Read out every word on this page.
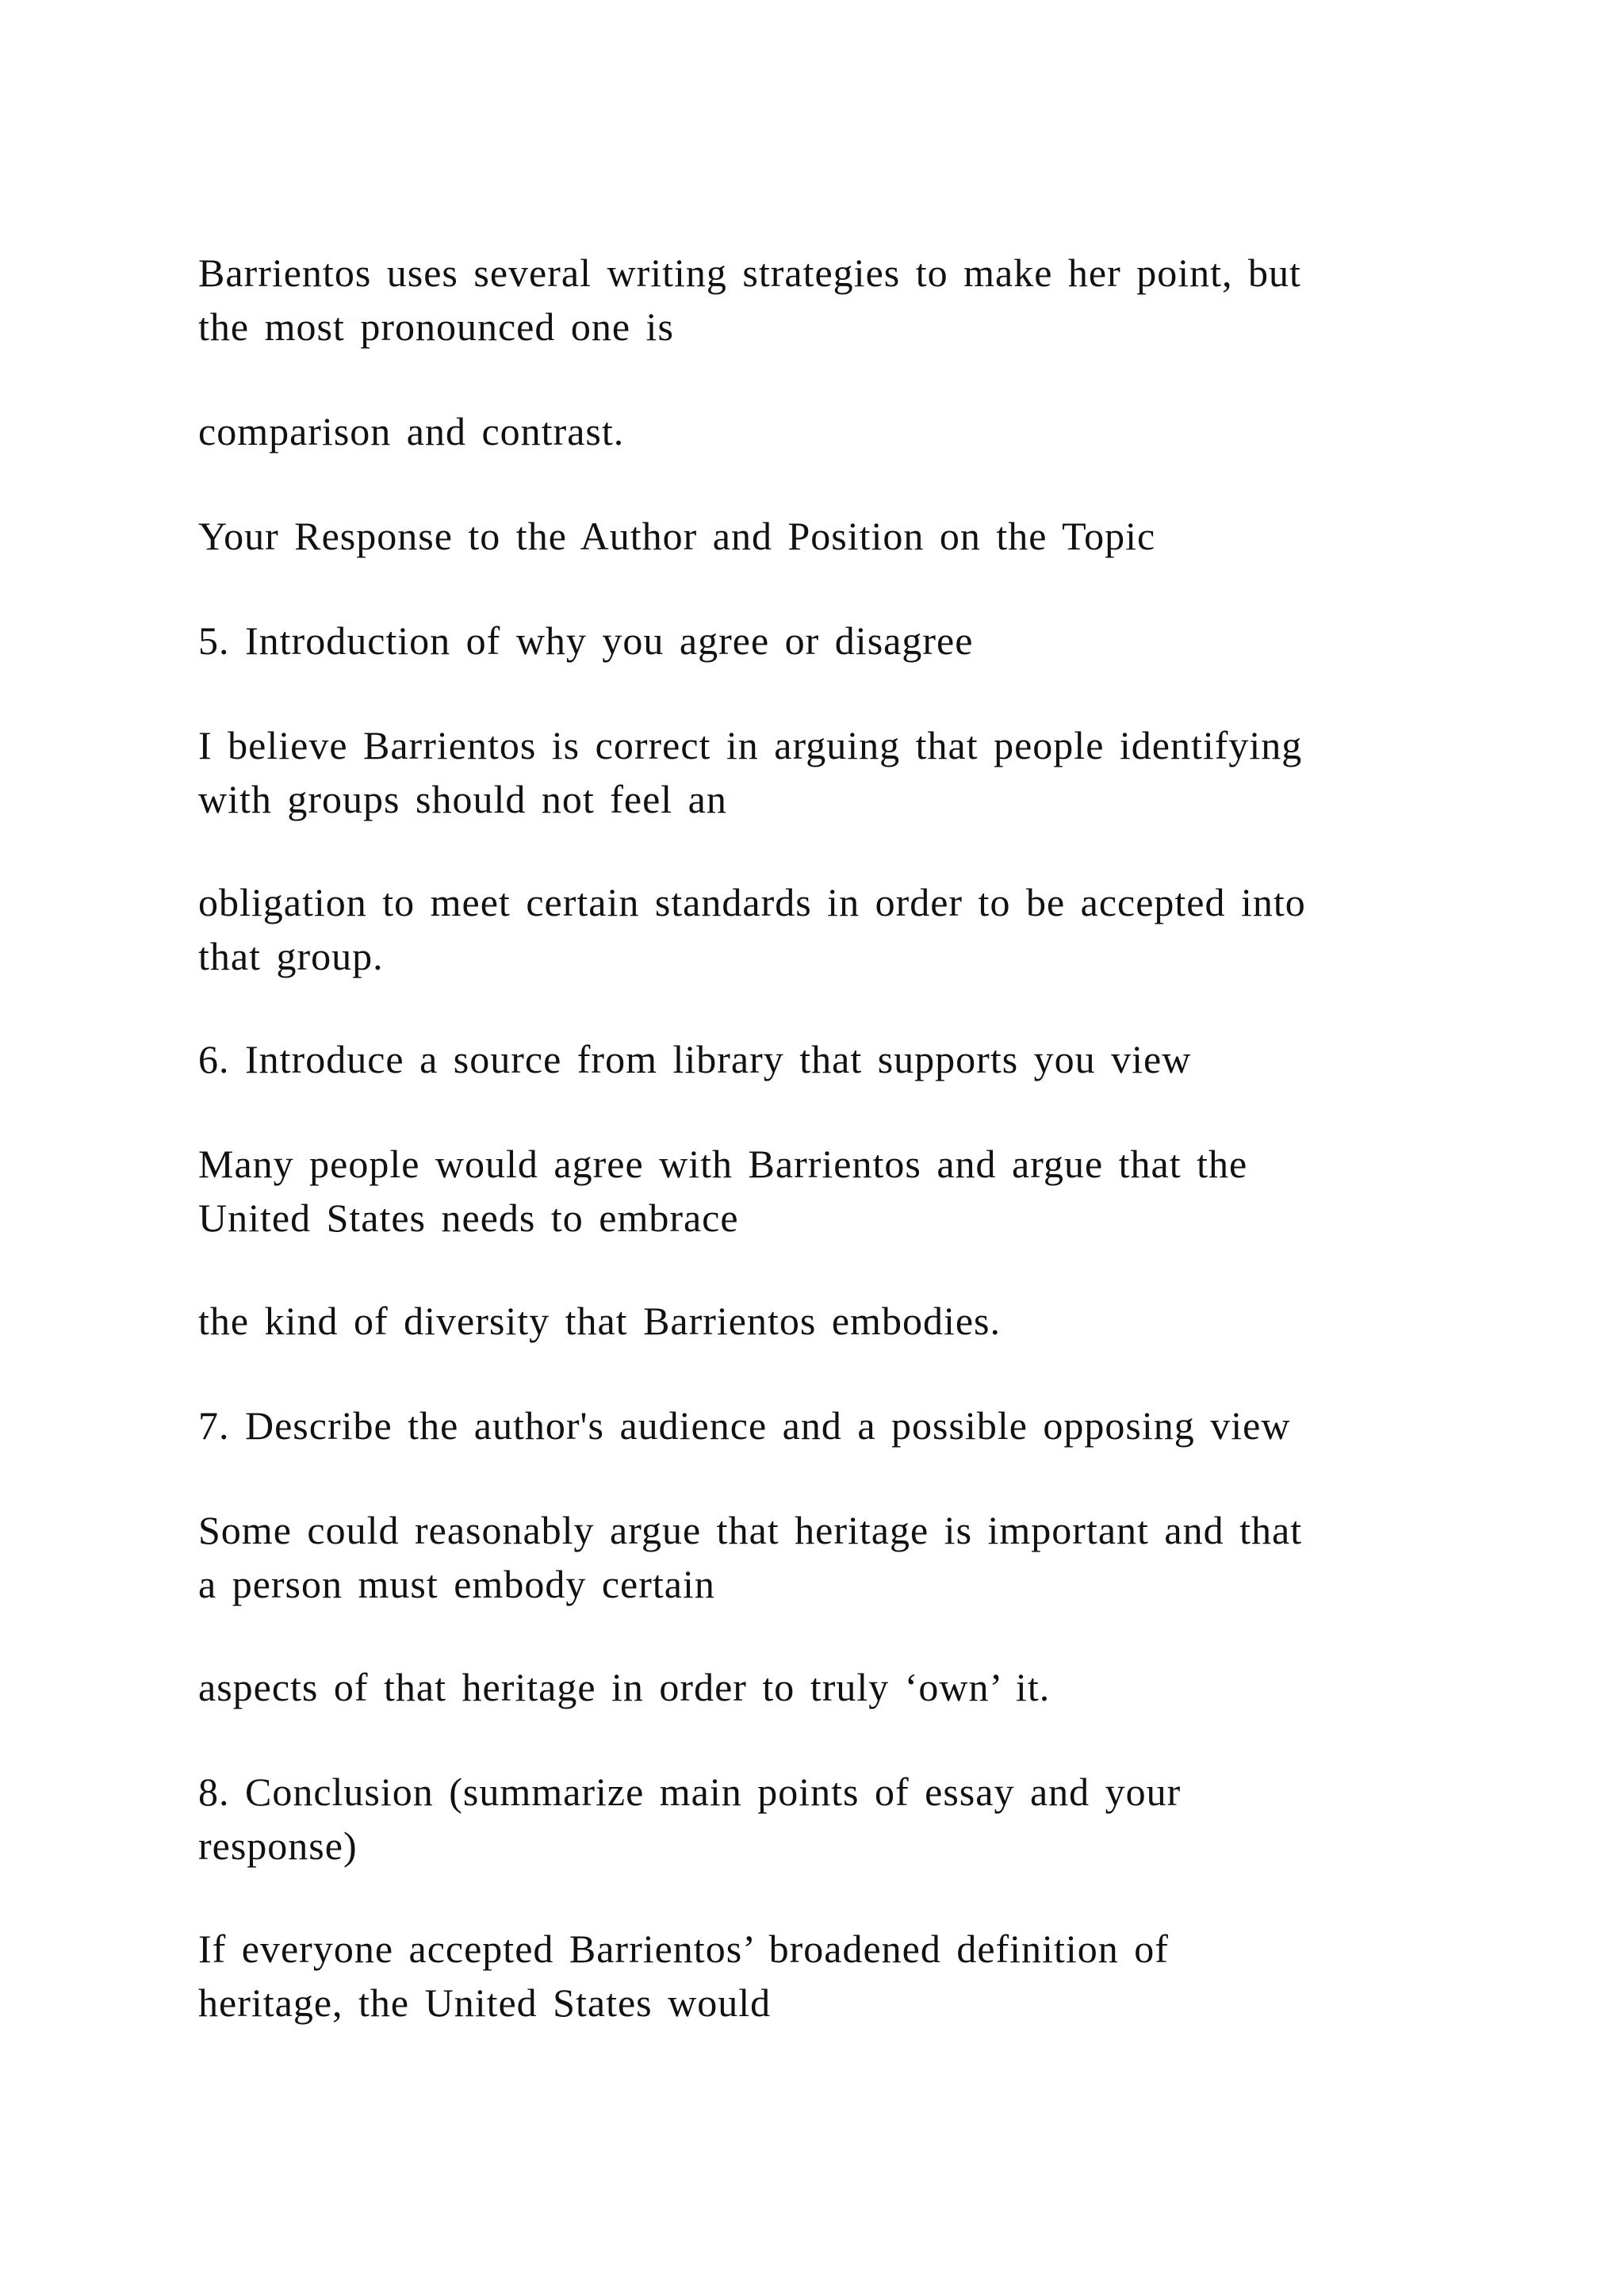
Barrientos uses several writing strategies to make her point, but
the most pronounced one is

comparison and contrast.

Your Response to the Author and Position on the Topic

5. Introduction of why you agree or disagree

I believe Barrientos is correct in arguing that people identifying
with groups should not feel an

obligation to meet certain standards in order to be accepted into
that group.

6. Introduce a source from library that supports you view

Many people would agree with Barrientos and argue that the
United States needs to embrace

the kind of diversity that Barrientos embodies.

7. Describe the author's audience and a possible opposing view

Some could reasonably argue that heritage is important and that
a person must embody certain

aspects of that heritage in order to truly ‘own’ it.

8. Conclusion (summarize main points of essay and your
response)

If everyone accepted Barrientos’ broadened definition of
heritage, the United States would
